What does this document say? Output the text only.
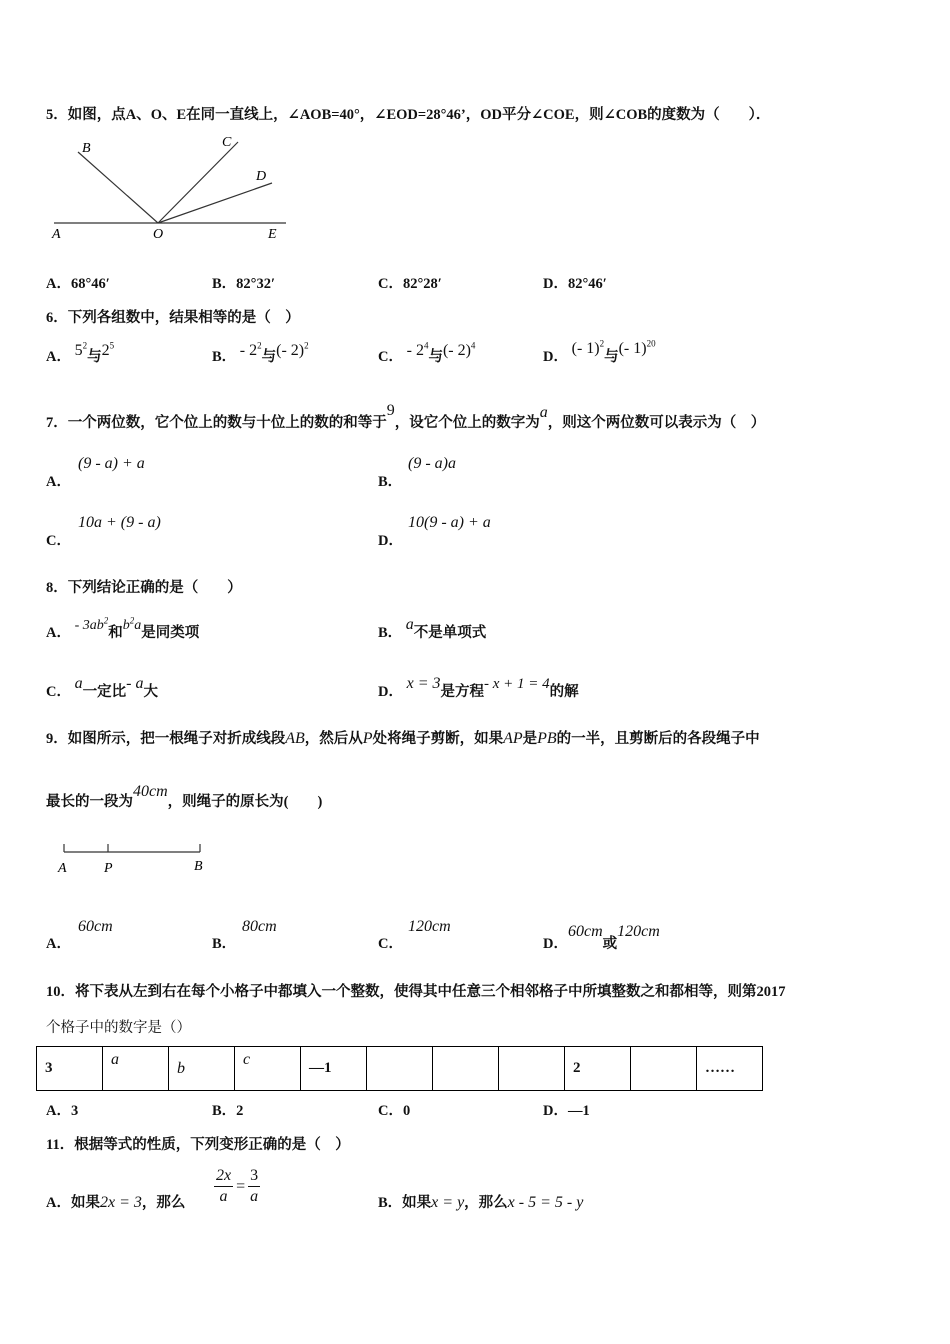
5．如图，点A、O、E在同一直线上，∠AOB=40°，∠EOD=28°46’，OD平分∠COE，则∠COB的度数为（　　）．
A	O	E
B	C
D
A．68°46′	B．82°32′	C．82°28′	D．82°46′
6．下列各组数中，结果相等的是（　）
A． $5^2$与$2^5$
B． - $2^2$与(- 2)$^2$
C． - $2^4$与(- 2)$^4$
D． (- 1)$^2$与(- 1)$^{20}$
7．一个两位数，它个位上的数与十位上的数的和等于9，设它个位上的数字为a，则这个两位数可以表示为（　）
A．
(9 - a) + a
B．
(9 - a)a
C．
10a + (9 - a)
D．
10(9 - a) + a
8．下列结论正确的是（　　）
A． - $3ab^2$和$b^2a$是同类项	B． a不是单项式
C． a一定比- a大	D． x = 3是方程- x + 1 = 4的解
9．如图所示，把一根绳子对折成线段AB，然后从P处将绳子剪断，如果AP是PB的一半，且剪断后的各段绳子中
最长的一段为40cm，则绳子的原长为(　　)
A	P	B
A．
60cm
B．
80cm
C．
120cm
D．60cm或120cm
10．将下表从左到右在每个小格子中都填入一个整数，使得其中任意三个相邻格子中所填整数之和都相等，则第2017
个格子中的数字是（）
3	a	b	c	—1				2		……
A．3	B．2	C．0	D．—1
11．根据等式的性质，下列变形正确的是（　）
A．如果2x = 3，那么 $\frac{2x}{a} = \frac{3}{a}$	B．如果x = y，那么x - 5 = 5 - y
